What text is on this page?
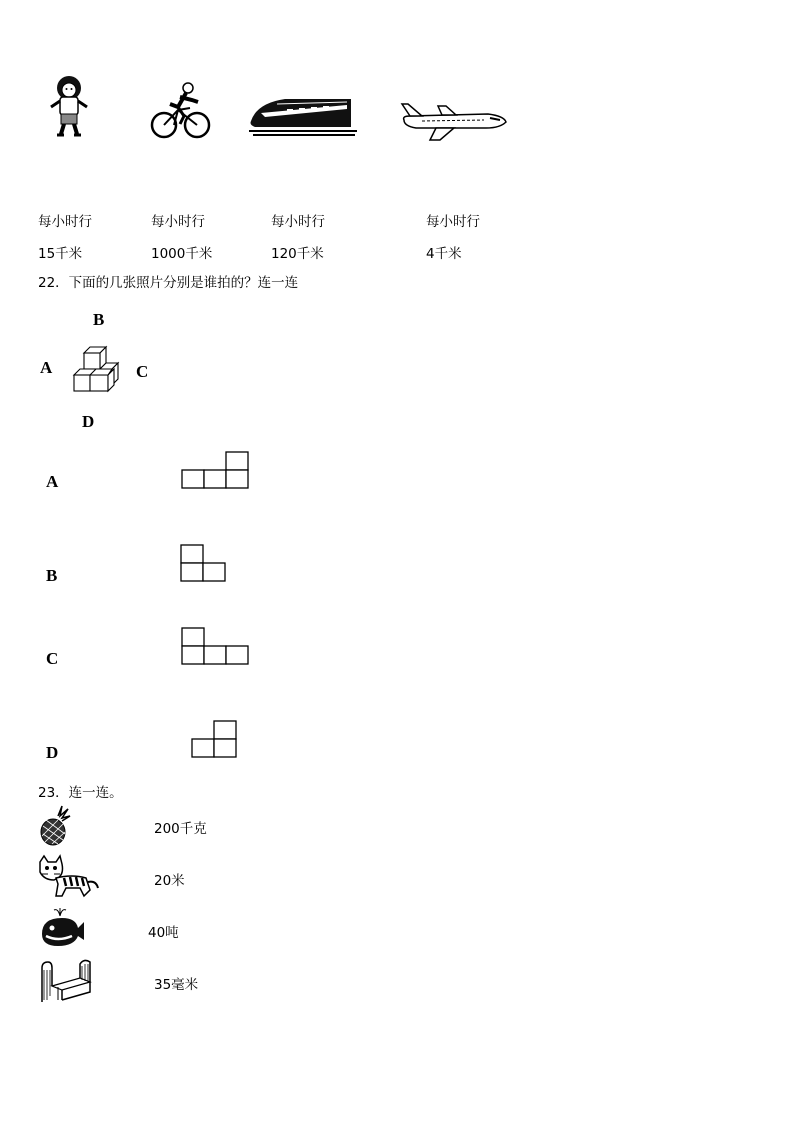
每小时行	每小时行	每小时行	每小时行
15千米	1000千米	120千米	4千米
22．下面的几张照片分别是谁拍的？连一连
B
A	C
D
A
B
C
D
23．连一连。
200千克
20米
40吨
35毫米
